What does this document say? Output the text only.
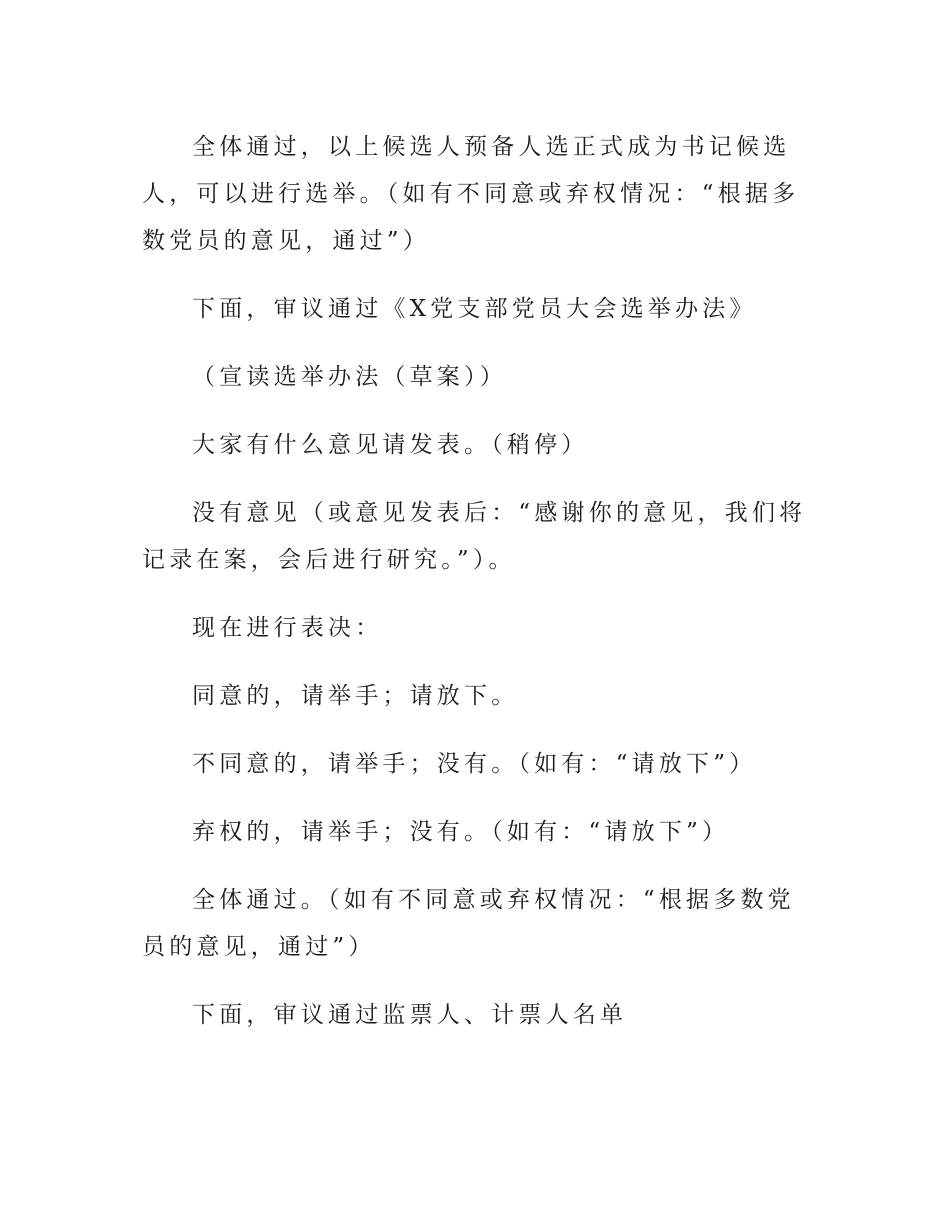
全体通过，以上候选人预备人选正式成为书记候选人，可以进行选举。（如有不同意或弃权情况：“根据多数党员的意见，通过”）

下面，审议通过《X党支部党员大会选举办法》

（宣读选举办法（草案））

大家有什么意见请发表。（稍停）

没有意见（或意见发表后：“感谢你的意见，我们将记录在案，会后进行研究。”）。

现在进行表决：

同意的，请举手；请放下。

不同意的，请举手；没有。（如有：“请放下”）

弃权的，请举手；没有。（如有：“请放下”）

全体通过。（如有不同意或弃权情况：“根据多数党员的意见，通过”）

下面，审议通过监票人、计票人名单
